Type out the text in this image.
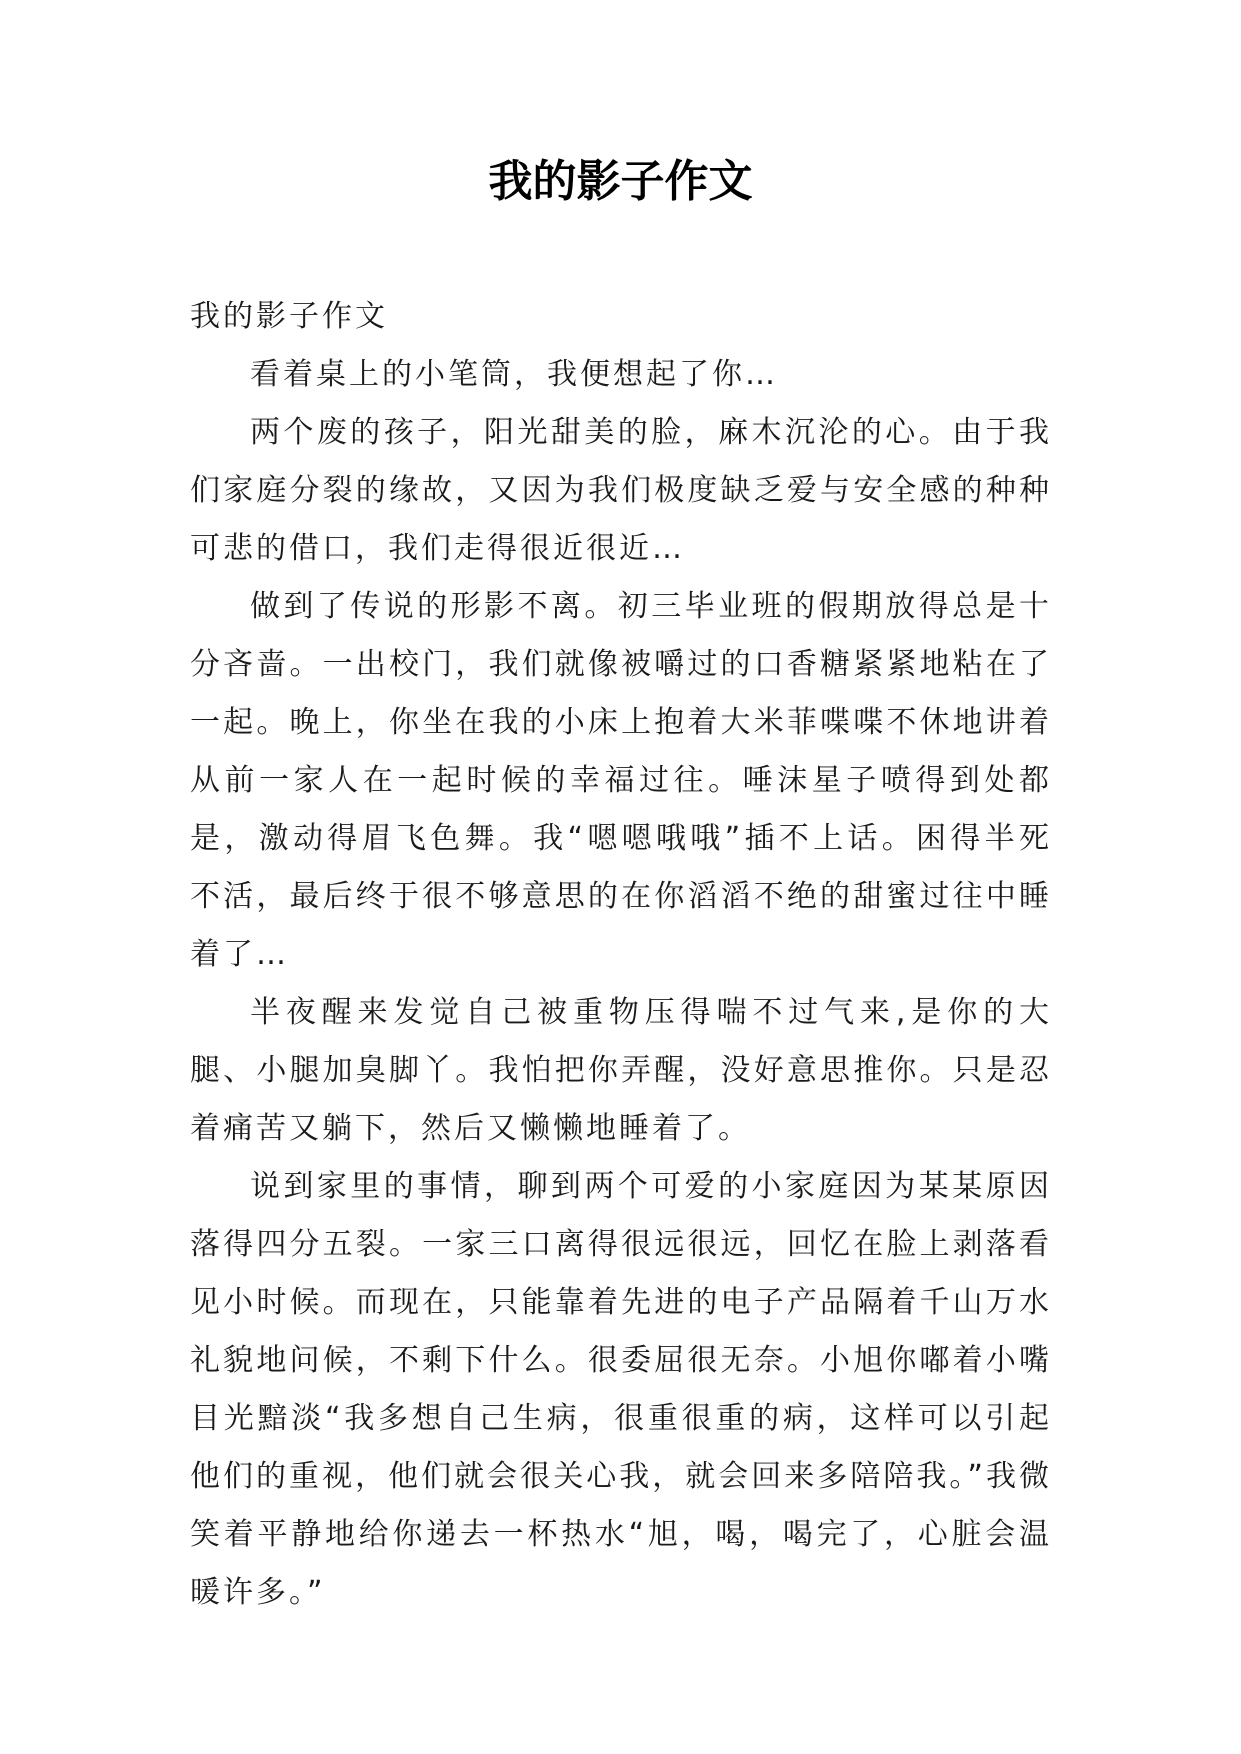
我的影子作文

我的影子作文

看着桌上的小笔筒，我便想起了你…

两个废的孩子，阳光甜美的脸，麻木沉沦的心。由于我们家庭分裂的缘故，又因为我们极度缺乏爱与安全感的种种可悲的借口，我们走得很近很近…

做到了传说的形影不离。初三毕业班的假期放得总是十分吝啬。一出校门，我们就像被嚼过的口香糖紧紧地粘在了一起。晚上，你坐在我的小床上抱着大米菲喋喋不休地讲着从前一家人在一起时候的幸福过往。唾沫星子喷得到处都是，激动得眉飞色舞。我“嗯嗯哦哦”插不上话。困得半死不活，最后终于很不够意思的在你滔滔不绝的甜蜜过往中睡着了…

半夜醒来发觉自己被重物压得喘不过气来,是你的大腿、小腿加臭脚丫。我怕把你弄醒，没好意思推你。只是忍着痛苦又躺下，然后又懒懒地睡着了。

说到家里的事情，聊到两个可爱的小家庭因为某某原因落得四分五裂。一家三口离得很远很远，回忆在脸上剥落看见小时候。而现在，只能靠着先进的电子产品隔着千山万水礼貌地问候，不剩下什么。很委屈很无奈。小旭你嘟着小嘴目光黯淡“我多想自己生病，很重很重的病，这样可以引起他们的重视，他们就会很关心我，就会回来多陪陪我。”我微笑着平静地给你递去一杯热水“旭，喝，喝完了，心脏会温暖许多。”
